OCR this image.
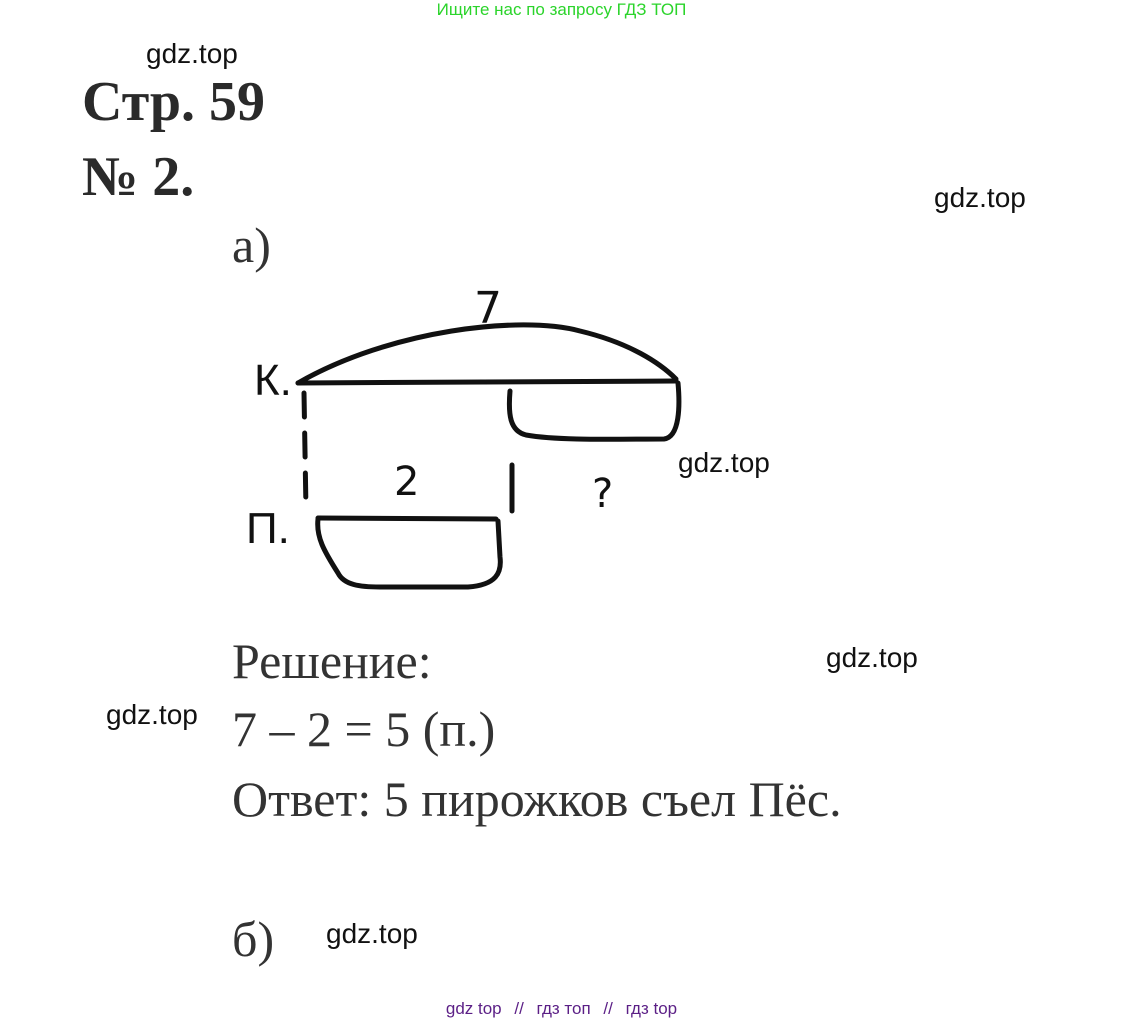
Ищите нас по запросу ГДЗ ТОП
gdz.top
gdz.top
gdz.top
gdz.top
gdz.top
gdz.top
Стр. 59
№ 2.
а)
К.
П.
7
2	?
Решение:
7 – 2 = 5 (п.)
Ответ: 5 пирожков съел Пёс.
б)
gdz top // гдз топ // гдз top
